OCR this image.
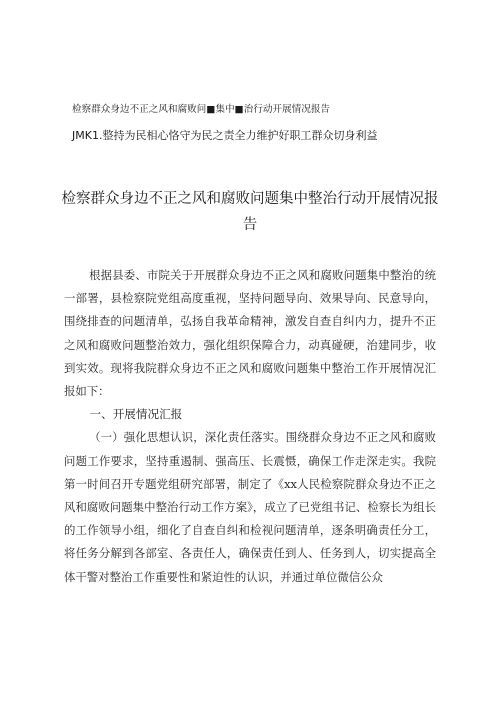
检察群众身边不正之风和腐败问■集中■治行动开展情况报告
JMK1.整持为民相心恪守为民之责全力维护好职工群众切身利益
检察群众身边不正之风和腐败问题集中整治行动开展情况报告

根据县委、市院关于开展群众身边不正之风和腐败问题集中整治的统一部署，县检察院党组高度重视，坚持问题导向、效果导向、民意导向，围绕排查的问题清单，弘扬自我革命精神，激发自查自纠内力，提升不正之风和腐败问题整治效力，强化组织保障合力，动真碰硬，治建同步，收到实效。现将我院群众身边不正之风和腐败问题集中整治工作开展情况汇报如下：

一、开展情况汇报

（一）强化思想认识，深化责任落实。围绕群众身边不正之风和腐败问题工作要求，坚持重遏制、强高压、长震慑，确保工作走深走实。我院第一时间召开专题党组研究部署，制定了《xx人民检察院群众身边不正之风和腐败问题集中整治行动工作方案》，成立了已党组书记、检察长为组长的工作领导小组，细化了自查自纠和检视问题清单，逐条明确责任分工，将任务分解到各部室、各责任人，确保责任到人、任务到人，切实提高全体干警对整治工作重要性和紧迫性的认识，并通过单位微信公众
